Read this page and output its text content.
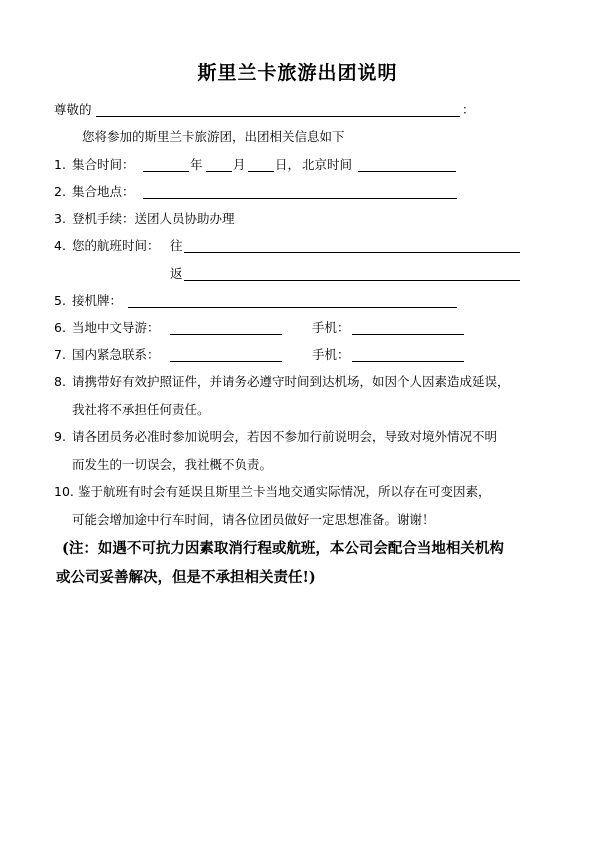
斯里兰卡旅游出团说明
尊敬的	：
您将参加的斯里兰卡旅游团，出团相关信息如下
1. 集合时间：	年 月 日， 北京时间
2. 集合地点：
3. 登机手续：送团人员协助办理
4. 您的航班时间： 往
返
5. 接机牌：
6. 当地中文导游：	手机：
7. 国内紧急联系：	手机：
8. 请携带好有效护照证件，并请务必遵守时间到达机场，如因个人因素造成延误，
我社将不承担任何责任。
9. 请各团员务必准时参加说明会，若因不参加行前说明会，导致对境外情况不明
而发生的一切误会，我社概不负责。
10. 鉴于航班有时会有延误且斯里兰卡当地交通实际情况，所以存在可变因素，
可能会增加途中行车时间，请各位团员做好一定思想准备。谢谢！
(注：如遇不可抗力因素取消行程或航班，本公司会配合当地相关机构
或公司妥善解决，但是不承担相关责任!)
